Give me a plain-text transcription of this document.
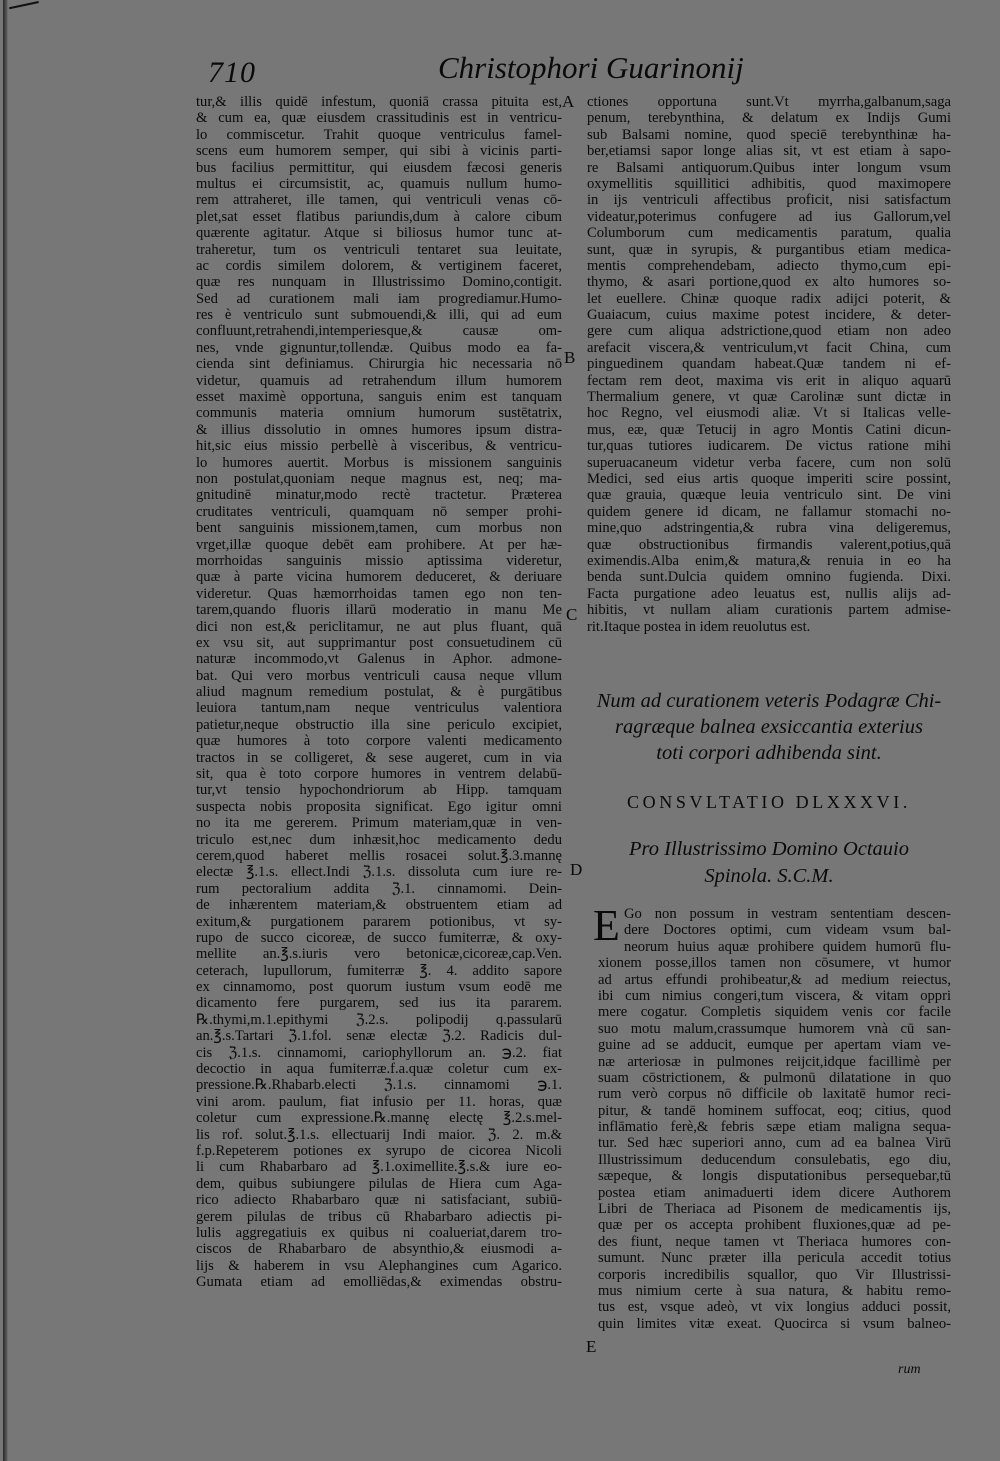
710	Christophori Guarinonij
A
B
C
D
E
tur,& illis quidē infestum, quoniā crassa pituita est,
& cum ea, quæ eiusdem crassitudinis est in ventricu-
lo commiscetur. Trahit quoque ventriculus famel-
scens eum humorem semper, qui sibi à vicinis parti-
bus facilius permittitur, qui eiusdem fæcosi generis
multus ei circumsistit, ac, quamuis nullum humo-
rem attraheret, ille tamen, qui ventriculi venas cō-
plet,sat esset flatibus pariundis,dum à calore cibum
quærente agitatur. Atque si biliosus humor tunc at-
traheretur, tum os ventriculi tentaret sua leuitate,
ac cordis similem dolorem, & vertiginem faceret,
quæ res nunquam in Illustrissimo Domino,contigit.
Sed ad curationem mali iam progrediamur.Humo-
res è ventriculo sunt submouendi,& illi, qui ad eum
confluunt,retrahendi,intemperiesque,& causæ om-
nes, vnde gignuntur,tollendæ. Quibus modo ea fa-
cienda sint definiamus. Chirurgia hic necessaria nō
videtur, quamuis ad retrahendum illum humorem
esset maximè opportuna, sanguis enim est tanquam
communis materia omnium humorum sustētatrix,
& illius dissolutio in omnes humores ipsum distra-
hit,sic eius missio perbellè à visceribus, & ventricu-
lo humores auertit. Morbus is missionem sanguinis
non postulat,quoniam neque magnus est, neq; ma-
gnitudinē minatur,modo rectè tractetur. Præterea
cruditates ventriculi, quamquam nō semper prohi-
bent sanguinis missionem,tamen, cum morbus non
vrget,illæ quoque debēt eam prohibere. At per hæ-
morrhoidas sanguinis missio aptissima videretur,
quæ à parte vicina humorem deduceret, & deriuare
videretur. Quas hæmorrhoidas tamen ego non ten-
tarem,quando fluoris illarū moderatio in manu Me
dici non est,& periclitamur, ne aut plus fluant, quā
ex vsu sit, aut supprimantur post consuetudinem cū
naturæ incommodo,vt Galenus in Aphor. admone-
bat. Qui vero morbus ventriculi causa neque vllum
aliud magnum remedium postulat, & è purgātibus
leuiora tantum,nam neque ventriculus valentiora
patietur,neque obstructio illa sine periculo excipiet,
quæ humores à toto corpore valenti medicamento
tractos in se colligeret, & sese augeret, cum in via
sit, qua è toto corpore humores in ventrem delabū-
tur,vt tensio hypochondriorum ab Hipp. tamquam
suspecta nobis proposita significat. Ego igitur omni
no ita me gererem. Primum materiam,quæ in ven-
triculo est,nec dum inhæsit,hoc medicamento dedu
cerem,quod haberet mellis rosacei solut.℥.3.mannę
electæ ℥.1.s. ellect.Indi ℨ.1.s. dissoluta cum iure re-
rum pectoralium addita ℨ.1. cinnamomi. Dein-
de inhærentem materiam,& obstruentem etiam ad
exitum,& purgationem pararem potionibus, vt sy-
rupo de succo cicoreæ, de succo fumiterræ, & oxy-
mellite an.℥.s.iuris vero betonicæ,cicoreæ,cap.Ven.
ceterach, lupullorum, fumiterræ ℥. 4. addito sapore
ex cinnamomo, post quorum iustum vsum eodē me
dicamento fere purgarem, sed ius ita pararem.
℞.thymi,m.1.epithymi ℨ.2.s. polipodij q.passularū
an.℥.s.Tartari ℨ.1.fol. senæ electæ ℨ.2. Radicis dul-
cis ℨ.1.s. cinnamomi, cariophyllorum an. ℈.2. fiat
decoctio in aqua fumiterræ.f.a.quæ coletur cum ex-
pressione.℞.Rhabarb.electi ℨ.1.s. cinnamomi ℈.1.
vini arom. paulum, fiat infusio per 11. horas, quæ
coletur cum expressione.℞.mannę electę ℥.2.s.mel-
lis rof. solut.℥.1.s. ellectuarij Indi maior. ℨ. 2. m.&
f.p.Repeterem potiones ex syrupo de cicorea Nicoli
li cum Rhabarbaro ad ℥.1.oximellite.℥.s.& iure eo-
dem, quibus subiungere pilulas de Hiera cum Aga-
rico adiecto Rhabarbaro quæ ni satisfaciant, subiū-
gerem pilulas de tribus cū Rhabarbaro adiectis pi-
lulis aggregatiuis ex quibus ni coalueriat,darem tro-
ciscos de Rhabarbaro de absynthio,& eiusmodi a-
lijs & haberem in vsu Alephangines cum Agarico.
Gumata etiam ad emolliēdas,& eximendas obstru-
ctiones opportuna sunt.Vt myrrha,galbanum,saga
penum, terebynthina, & delatum ex Indijs Gumi
sub Balsami nomine, quod speciē terebynthinæ ha-
ber,etiamsi sapor longe alias sit, vt est etiam à sapo-
re Balsami antiquorum.Quibus inter longum vsum
oxymellitis squillitici adhibitis, quod maximopere
in ijs ventriculi affectibus proficit, nisi satisfactum
videatur,poterimus confugere ad ius Gallorum,vel
Columborum cum medicamentis paratum, qualia
sunt, quæ in syrupis, & purgantibus etiam medica-
mentis comprehendebam, adiecto thymo,cum epi-
thymo, & asari portione,quod ex alto humores so-
let euellere. Chinæ quoque radix adijci poterit, &
Guaiacum, cuius maxime potest incidere, & deter-
gere cum aliqua adstrictione,quod etiam non adeo
arefacit viscera,& ventriculum,vt facit China, cum
pinguedinem quandam habeat.Quæ tandem ni ef-
fectam rem deot, maxima vis erit in aliquo aquarū
Thermalium genere, vt quæ Carolinæ sunt dictæ in
hoc Regno, vel eiusmodi aliæ. Vt si Italicas velle-
mus, eæ, quæ Tetucij in agro Montis Catini dicun-
tur,quas tutiores iudicarem. De victus ratione mihi
superuacaneum videtur verba facere, cum non solū
Medici, sed eius artis quoque imperiti scire possint,
quæ grauia, quæque leuia ventriculo sint. De vini
quidem genere id dicam, ne fallamur stomachi no-
mine,quo adstringentia,& rubra vina deligeremus,
quæ obstructionibus firmandis valerent,potius,quā
eximendis.Alba enim,& matura,& renuia in eo ha
benda sunt.Dulcia quidem omnino fugienda. Dixi.
Facta purgatione adeo leuatus est, nullis alijs ad-
hibitis, vt nullam aliam curationis partem admise-
rit.Itaque postea in idem reuolutus est.
Num ad curationem veteris Podagræ Chi-
ragræque balnea exsiccantia exterius
toti corpori adhibenda sint.
CONSVLTATIO DLXXXVI.
Pro Illustrissimo Domino Octauio
Spinola. S.C.M.
E Go non possum in vestram sententiam descen-
dere Doctores optimi, cum videam vsum bal-
neorum huius aquæ prohibere quidem humorū flu-
xionem posse,illos tamen non cōsumere, vt humor
ad artus effundi prohibeatur,& ad medium reiectus,
ibi cum nimius congeri,tum viscera, & vitam oppri
mere cogatur. Completis siquidem venis cor facile
suo motu malum,crassumque humorem vnà cū san-
guine ad se adducit, eumque per apertam viam ve-
næ arteriosæ in pulmones reijcit,idque facillimè per
suam cōstrictionem, & pulmonū dilatatione in quo
rum verò corpus nō difficile ob laxitatē humor reci-
pitur, & tandē hominem suffocat, eoq; citius, quod
inflāmatio ferè,& febris sæpe etiam maligna sequa-
tur. Sed hæc superiori anno, cum ad ea balnea Virū
Illustrissimum deducendum consulebatis, ego diu,
sæpeque, & longis disputationibus persequebar,tū
postea etiam animaduerti idem dicere Authorem
Libri de Theriaca ad Pisonem de medicamentis ijs,
quæ per os accepta prohibent fluxiones,quæ ad pe-
des fiunt, neque tamen vt Theriaca humores con-
sumunt. Nunc præter illa pericula accedit totius
corporis incredibilis squallor, quo Vir Illustrissi-
mus nimium certe à sua natura, & habitu remo-
tus est, vsque adeò, vt vix longius adduci possit,
quin limites vitæ exeat. Quocirca si vsum balneo-
rum
